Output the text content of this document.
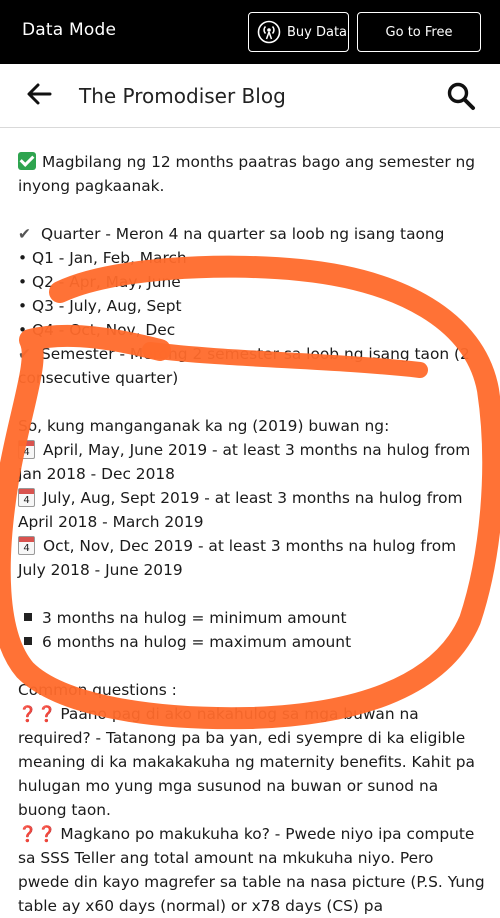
Data Mode	Buy Data	Go to Free
The Promodiser Blog
Magbilang ng 12 months paatras bago ang semester ng inyong pagkaanak.
✔ Quarter - Meron 4 na quarter sa loob ng isang taong
• Q1 - Jan, Feb, March
• Q2 - Apr, May, June
• Q3 - July, Aug, Sept
• Q4 - Oct, Nov, Dec
✔ Semester - Merong 2 semester sa loob ng isang taon (2 consecutive quarter)
So, kung manganganak ka ng (2019) buwan ng:
4 April, May, June 2019 - at least 3 months na hulog from Jan 2018 - Dec 2018
4 July, Aug, Sept 2019 - at least 3 months na hulog from April 2018 - March 2019
4 Oct, Nov, Dec 2019 - at least 3 months na hulog from July 2018 - June 2019
3 months na hulog = minimum amount
6 months na hulog = maximum amount
Common questions :
❓❓ Paano pag di ako nakahulog sa mga buwan na required? - Tatanong pa ba yan, edi syempre di ka eligible meaning di ka makakakuha ng maternity benefits. Kahit pa hulugan mo yung mga susunod na buwan or sunod na buong taon.
❓❓ Magkano po makukuha ko? - Pwede niyo ipa compute sa SSS Teller ang total amount na mkukuha niyo. Pero pwede din kayo magrefer sa table na nasa picture (P.S. Yung table ay x60 days (normal) or x78 days (CS) pa
